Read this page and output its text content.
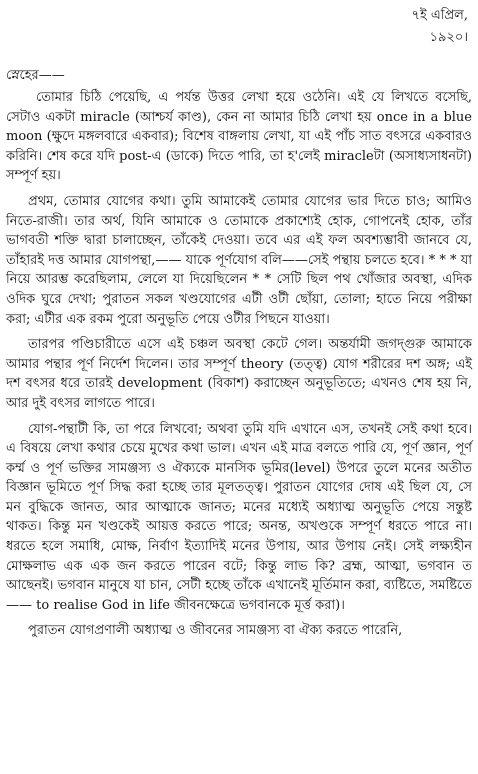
৭ই এপ্রিল,
১৯২০।
স্নেহের——

তোমার চিঠি পেয়েছি, এ পর্যন্ত উত্তর লেখা হয়ে ওঠেনি। এই যে লিখতে বসেছি, সেটাও একটা miracle (আশ্চর্য কাণ্ড), কেন না আমার চিঠি লেখা হয় once in a blue moon (ক্ষুদে মঙ্গলবারে একবার); বিশেষ বাঙ্গলায় লেখা, যা এই পাঁচ সাত বৎসরে একবারও করিনি। শেষ করে যদি post-এ (ডাকে) দিতে পারি, তা হ'লেই miracleটা (অসাধ্যসাধনটা) সম্পূর্ণ হয়।

প্রথম, তোমার যোগের কথা। তুমি আমাকেই তোমার যোগের ভার দিতে চাও; আমিও নিতে-রাজী। তার অর্থ, যিনি আমাকে ও তোমাকে প্রকাশ্যেই হোক, গোপনেই হোক, তাঁর ভাগবতী শক্তি দ্বারা চালাচ্ছেন, তাঁকেই দেওয়া। তবে এর এই ফল অবশ্যম্ভাবী জানবে যে, তাঁহারই দত্ত আমার যোগপন্থা,—— যাকে পূর্ণযোগ বলি——সেই পন্থায় চলতে হবে। * * * যা নিয়ে আরম্ভ করেছিলাম, লেলে যা দিয়েছিলেন * * সেটি ছিল পথ খোঁজার অবস্থা, এদিক ওদিক ঘুরে দেখা; পুরাতন সকল খণ্ডযোগের এটী ওটী ছোঁয়া, তোলা; হাতে নিয়ে পরীক্ষা করা; এটীর এক রকম পুরো অনুভূতি পেয়ে ওটীর পিছনে যাওয়া।

তারপর পণ্ডিচারীতে এসে এই চঞ্চল অবস্থা কেটে গেল। অন্তর্যামী জগদ্গুরু আমাকে আমার পন্থার পূর্ণ নির্দেশ দিলেন। তার সম্পূর্ণ theory (তত্ত্ব) যোগ শরীরের দশ অঙ্গ; এই দশ বৎসর ধরে তারই development (বিকাশ) করাচ্ছেন অনুভূতিতে; এখনও শেষ হয় নি, আর দুই বৎসর লাগতে পারে।

যোগ-পন্থাটী কি, তা পরে লিখবো; অথবা তুমি যদি এখানে এস, তখনই সেই কথা হবে। এ বিষয়ে লেখা কথার চেয়ে মুখের কথা ভাল। এখন এই মাত্র বলতে পারি যে, পূর্ণ জ্ঞান, পূর্ণ কর্ম্ম ও পূর্ণ ভক্তির সামঞ্জস্য ও ঐক্যকে মানসিক ভূমির(level) উপরে তুলে মনের অতীত বিজ্ঞান ভূমিতে পূর্ণ সিদ্ধ করা হচ্ছে তার মূলতত্ত্ব। পুরাতন যোগের দোষ এই ছিল যে, সে মন বুদ্ধিকে জানত, আর আত্মাকে জানত; মনের মধ্যেই অধ্যাত্ম অনুভূতি পেয়ে সন্তুষ্ট থাকত। কিন্তু মন খণ্ডকেই আয়ত্ত করতে পারে; অনন্ত, অখণ্ডকে সম্পূর্ণ ধরতে পারে না। ধরতে হলে সমাধি, মোক্ষ, নির্বাণ ইত্যাদিই মনের উপায়, আর উপায় নেই। সেই লক্ষ্যহীন মোক্ষলাভ এক এক জন করতে পারেন বটে; কিন্তু লাভ কি? ব্রহ্ম, আত্মা, ভগবান ত আছেনই। ভগবান মানুষে যা চান, সেটী হচ্ছে তাঁকে এখানেই মূর্তিমান করা, ব্যষ্টিতে, সমষ্টিতে—— to realise God in life জীবনক্ষেত্রে ভগবানকে মূর্ত্ত করা)।

পুরাতন যোগপ্রণালী অধ্যাত্ম ও জীবনের সামঞ্জস্য বা ঐক্য করতে পারেনি,
